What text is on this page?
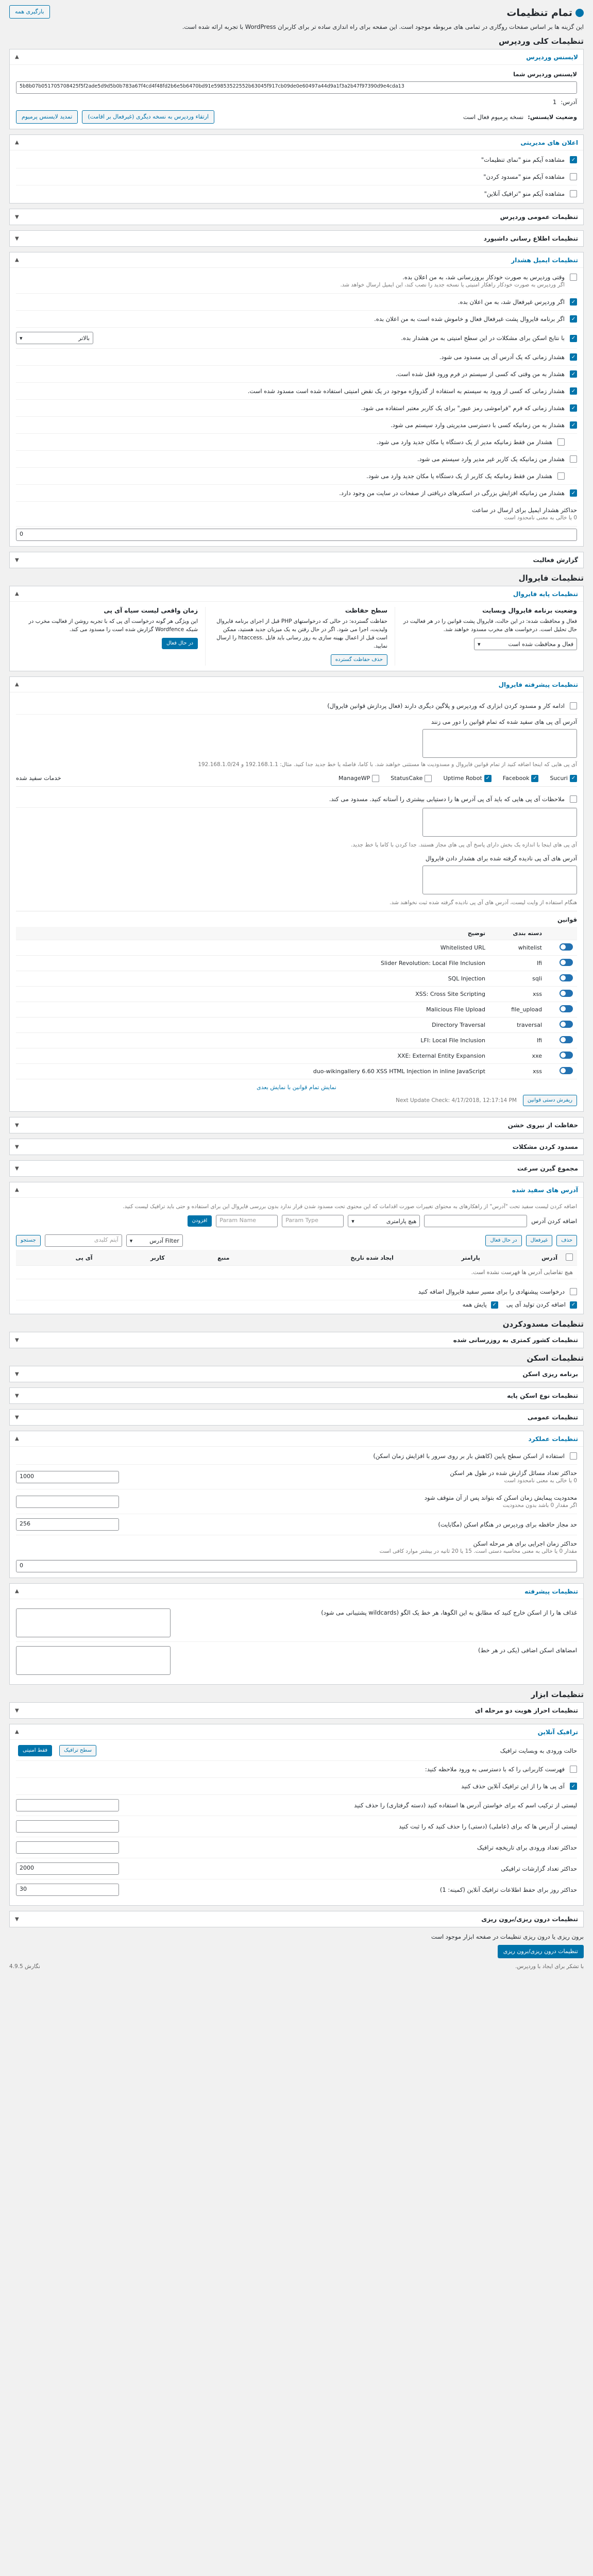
بارگیری همه	تمام تنظیمات

این گزینه ها بر اساس صفحات روگاری در تمامی های مربوطه موجود است. این صفحه برای راه اندازی ساده تر برای کاربران WordPress با تجربه ارائه شده است.

تنظیمات کلی وردپرس
لایسنس وردپرس
▲
لایسنس وردپرس شما
5b8b07b051705708425f5f2ade5d9d5b0b783a67f4cd4f48fd2b6e5b6470bd91e59853522552b63045f917cb09de0e60497a44d9a1f3a2b47f97390d9e4cda13
آدرس:
1
وضعیت لایسنس:
نسخه پرمیوم فعال است
ارتقاء وردپرس به نسخه دیگری (غیرفعال بر اقامت)
تمدید لایسنس پرمیوم
اعلان های مدیریتی
▲
✓
مشاهده آیکم منو "نمای تنظیمات"
مشاهده آیکم منو "مسدود کردن"
مشاهده آیکم منو "ترافیک آنلاین"
تنظیمات عمومی وردپرس
▼
تنظیمات اطلاع رسانی داشبورد
▼
تنظیمات ایمیل هشدار
▲
وقتی وردپرس به صورت خودکار بروزرسانی شد، به من اعلان بده.
اگر وردپرس به صورت خودکار راهکار امنیتی یا نسخه جدید را نصب کند، این ایمیل ارسال خواهد شد.
✓
اگر وردپرس غیرفعال شد، به من اعلان بده.
✓
اگر برنامه فایروال پشت غیرفعال فعال و خاموش شده است به من اعلان بده.
✓
با نتایج اسکن برای مشکلات در این سطح امنیتی به من هشدار بده.
بالاتر
▾
✓
هشدار زمانی که یک آدرس آی پی مسدود می شود.
✓
هشدار به من وقتی که کسی از سیستم در فرم ورود قفل شده است.
✓
هشدار زمانی که کسی از ورود به سیستم به استفاده از گذرواژه موجود در یک نقض امنیتی استفاده شده است مسدود شده است.
✓
هشدار زمانی که فرم "فراموشی رمز عبور" برای یک کاربر معتبر استفاده می شود.
✓
هشدار به من زمانیکه کسی با دسترسی مدیریتی وارد سیستم می شود.
هشدار من فقط زمانیکه مدیر از یک دستگاه یا مکان جدید وارد می شود.
هشدار من زمانیکه یک کاربر غیر مدیر وارد سیستم می شود.
هشدار من فقط زمانیکه یک کاربر از یک دستگاه یا مکان جدید وارد می شود.
✓
هشدار من زمانیکه افزایش بزرگی در اسکنرهای دریافتی از صفحات در سایت من وجود دارد.
حداکثر هشدار ایمیل برای ارسال در ساعت
0 یا خالی به معنی نامحدود است
0
گزارش فعالیت
▼
تنظیمات فایروال
تنظیمات پایه فایروال
▲
وضعیت برنامه فایروال وبسایت

فعال و محافظت شده: در این حالت، فایروال پشت قوانین را در هر فعالیت در حال تحلیل است. درخواست های مخرب مسدود خواهند شد.

فعال و محافظت شده است
▾
سطح حفاظت

حفاظت گسترده: در حالی که درخواستهای PHP قبل از اجرای برنامه فایروال ولیدیت، اجرا می شود. اگر در حال رفتن به یک میزبان جدید هستید، ممکن است قبل از اعمال بهینه سازی به روز رسانی باید فایل .htaccess را ارسال نمایید.

حذف حفاظت گسترده
زمان واقعی لیست سیاه آی پی

این ویژگی هر گونه درخواست آی پی که با تجربه روشن از فعالیت مخرب در شبکه Wordfence گزارش شده است را مسدود می کند.

در حال فعال
تنظیمات پیشرفته فایروال
▲
ادامه کار و مسدود کردن ابزاری که وردپرس و پلاگین دیگری دارند (فعال پردازش قوانین فایروال)
آدرس آی پی های سفید شده که تمام قوانین را دور می زنند
آی پی هایی که اینجا اضافه کنید از تمام قوانین فایروال و مسدودیت ها مستثنی خواهند شد. با کاما، فاصله یا خط جدید جدا کنید. مثال: 192.168.1.1 و 192.168.1.0/24
✓
Sucuri
✓
Facebook
✓
Uptime Robot
StatusCake
ManageWP
خدمات سفید شده
ملاحظات آی پی هایی که باید آی پی آدرس ها را دستیابی بیشتری را آستانه کنید. مسدود می کند.
آی پی های اینجا با اندازه یک بخش دارای پاسخ آی پی های مجاز هستند. جدا کردن با کاما یا خط جدید.
آدرس های آی پی نادیده گرفته شده برای هشدار دادن فایروال
هنگام استفاده از وایت لیست، آدرس های آی پی نادیده گرفته شده ثبت نخواهند شد.
قوانین
	دسته بندی	توضیح
	whitelist	Whitelisted URL
	lfi	Slider Revolution: Local File Inclusion
	sqli	SQL Injection
	xss	XSS: Cross Site Scripting
	file_upload	Malicious File Upload
	traversal	Directory Traversal
	lfi	LFI: Local File Inclusion
	xxe	XXE: External Entity Expansion
	xss	duo-wikingallery 6.60 XSS HTML Injection in inline JavaScript
نمایش تمام قوانین با نمایش بعدی
ریفرش دستی قوانین
Next Update Check: 4/17/2018, 12:17:14 PM
حفاظت از نیروی خشن
▼
مسدود کردن مشکلات
▼
مجموع گیرن سرعت
▼
آدرس های سفید شده
▲
اضافه کردن لیست سفید تحت "آدرس" از راهکارهای به محتوای تغییرات صورت اقدامات که این محتوی تحت مسدود شدن قرار ندارد بدون بررسی فایروال این برای استفاده و حتی باید ترافیک لیست کنید.
اضافه کردن آدرس
هیچ پارامتری
▾
Param Type
Param Name
افزودن
حذف
غیرفعال
در حال فعال
Filter آدرس
▾
آیتم کلیدی
جستجو
	آدرس	پارامتر	ایجاد شده تاریخ	منبع	کاربر	آی پی
هیچ تقاضایی آدرس ها فهرست نشده است.
درخواست پیشنهادی را برای مسیر سفید فایروال اضافه کنید
✓
اضافه کردن تولید آی پی
✓
پایش همه
تنظیمات مسدودکردن
تنظیمات کشور کمتری به روزرسانی شده
▼
تنظیمات اسکن
برنامه ریزی اسکن
▼
تنظیمات نوع اسکن پایه
▼
تنظیمات عمومی
▼
تنظیمات عملکرد
▲
استفاده از اسکن سطح پایین (کاهش بار بر روی سرور با افزایش زمان اسکن)
حداکثر تعداد مسائل گزارش شده در طول هر اسکن
0 یا خالی به معنی نامحدود است
1000
محدودیت پیمایش زمان اسکن که بتواند پس از آن متوقف شود
اگر مقدار 0 باشد بدون محدودیت
حد مجاز حافظه برای وردپرس در هنگام اسکن (مگابایت)
256
حداکثر زمان اجرایی برای هر مرحله اسکن
مقدار 0 یا خالی به معنی محاسبه دستی است. 15 یا 20 ثانیه در بیشتر موارد کافی است
0
تنظیمات پیشرفته
▲
غذاف ها را از اسکن خارج کنید که مطابق به این الگوها، هر خط یک الگو (wildcards پشتیبانی می شود)
امضاهای اسکن اضافی (یکی در هر خط)
تنظیمات ابزار
تنظیمات احراز هویت دو مرحله ای
▼
ترافیک آنلاین
▲
حالت ورودی به وبسایت ترافیک
سطح ترافیک
فقط امنیتی
فهرست کاربرانی را که با دسترسی به ورود ملاحظه کنید:
✓
آی پی ها را از این ترافیک آنلاین حذف کنید
لیستی از ترکیب اسم که برای خواستن آدرس ها استفاده کنید (دسته گرفتاری) را حذف کنید
لیستی از آدرس ها که برای (عاملی) (دستی) را حذف کنید که را ثبت کنید
حداکثر تعداد ورودی برای تاریخچه ترافیک
حداکثر تعداد گزارشات ترافیکی
2000
حداکثر روز برای حفظ اطلاعات ترافیک آنلاین (کمینه: 1)
30
تنظیمات درون ریزی/برون ریزی
▼
برون ریزی یا درون ریزی تنظیمات در صفحه ابزار موجود است
تنظیمات درون ریزی/برون ریزی
با تشکر برای ایجاد با وردپرس.
نگارش 4.9.5
